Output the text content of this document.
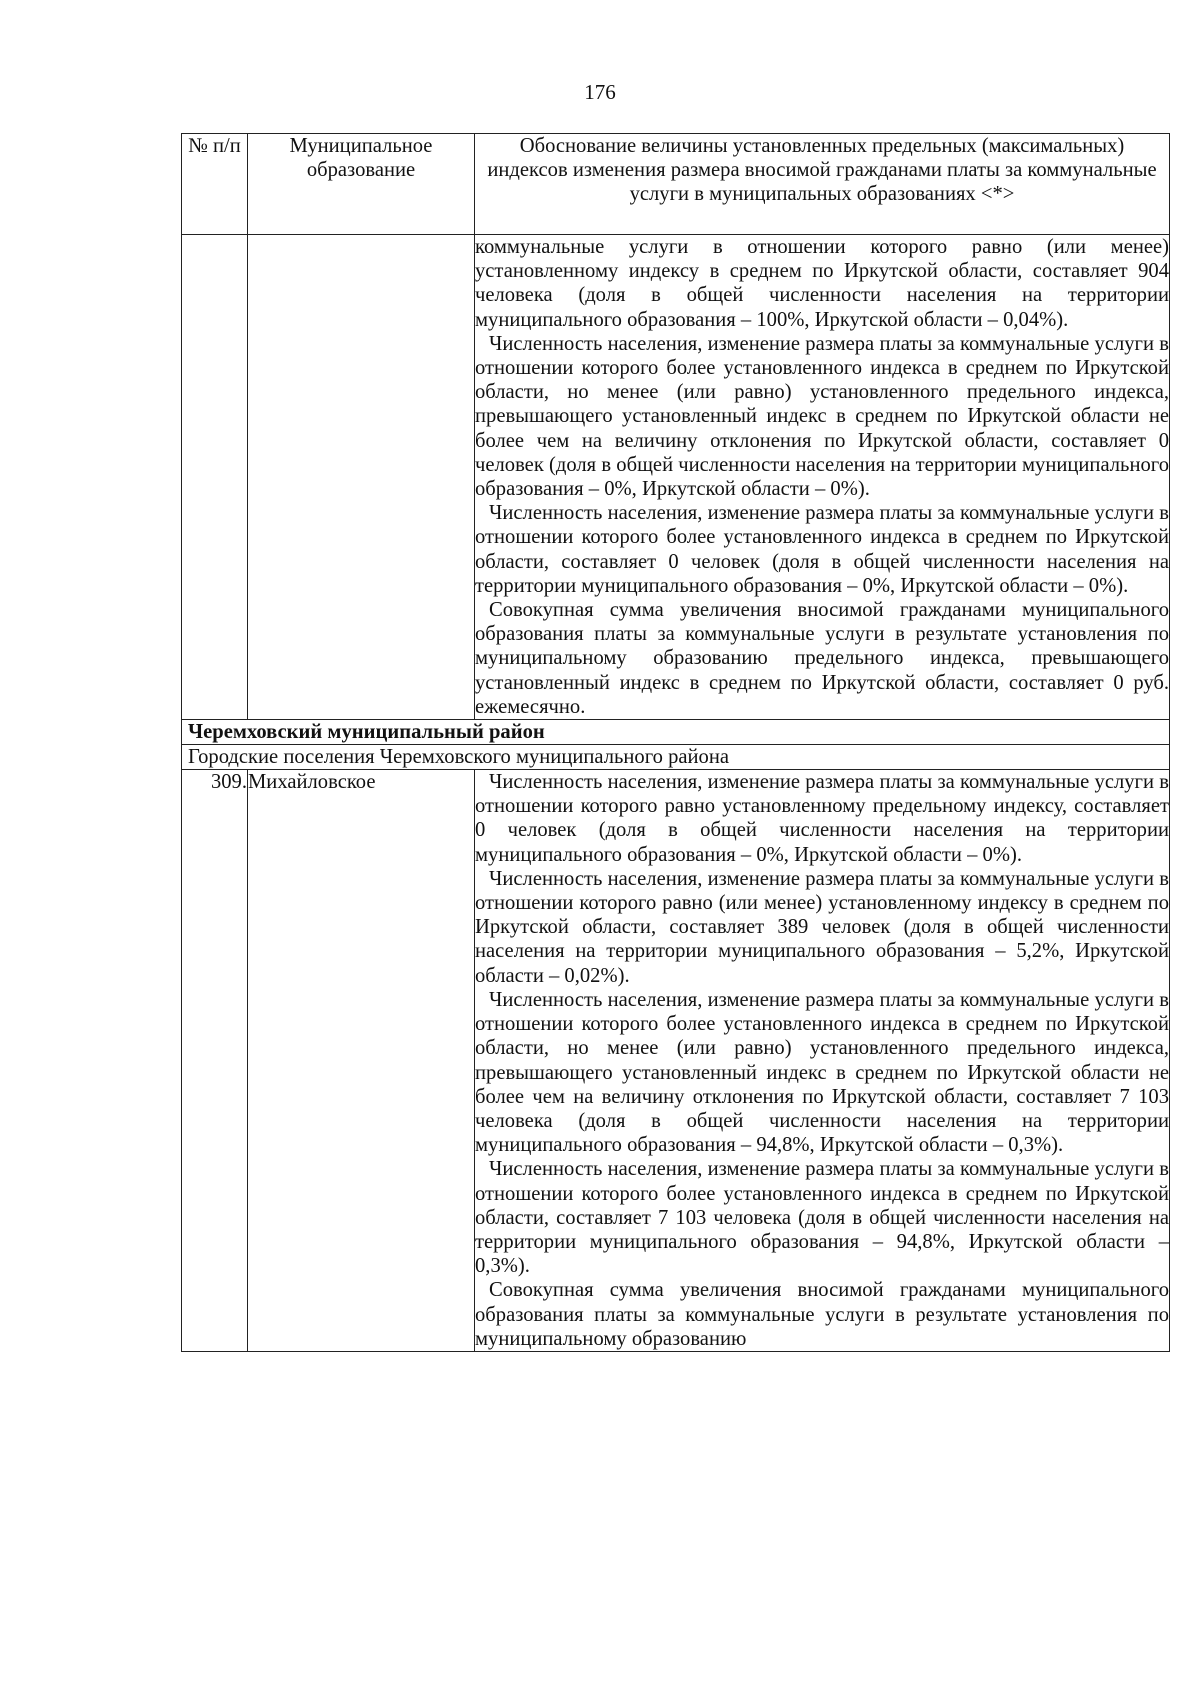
176
№ п/п	Муниципальное образование	Обоснование величины установленных предельных (максимальных) индексов изменения размера вносимой гражданами платы за коммунальные услуги в муниципальных образованиях <*>

		коммунальные услуги в отношении которого равно (или менее) установленному индексу в среднем по Иркутской области, составляет 904 человека (доля в общей численности населения на территории муниципального образования – 100%, Иркутской области – 0,04%).

Численность населения, изменение размера платы за коммунальные услуги в отношении которого более установленного индекса в среднем по Иркутской области, но менее (или равно) установленного предельного индекса, превышающего установленный индекс в среднем по Иркутской области не более чем на величину отклонения по Иркутской области, составляет 0 человек (доля в общей численности населения на территории муниципального образования – 0%, Иркутской области – 0%).

Численность населения, изменение размера платы за коммунальные услуги в отношении которого более установленного индекса в среднем по Иркутской области, составляет 0 человек (доля в общей численности населения на территории муниципального образования – 0%, Иркутской области – 0%).

Совокупная сумма увеличения вносимой гражданами муниципального образования платы за коммунальные услуги в результате установления по муниципальному образованию предельного индекса, превышающего установленный индекс в среднем по Иркутской области, составляет 0 руб. ежемесячно.

Черемховский муниципальный район		
Городские поселения Черемховского муниципального района		
309.	Михайловское	Численность населения, изменение размера платы за коммунальные услуги в отношении которого равно установленному предельному индексу, составляет 0 человек (доля в общей численности населения на территории муниципального образования – 0%, Иркутской области – 0%).

Численность населения, изменение размера платы за коммунальные услуги в отношении которого равно (или менее) установленному индексу в среднем по Иркутской области, составляет 389 человек (доля в общей численности населения на территории муниципального образования – 5,2%, Иркутской области – 0,02%).

Численность населения, изменение размера платы за коммунальные услуги в отношении которого более установленного индекса в среднем по Иркутской области, но менее (или равно) установленного предельного индекса, превышающего установленный индекс в среднем по Иркутской области не более чем на величину отклонения по Иркутской области, составляет 7 103 человека (доля в общей численности населения на территории муниципального образования – 94,8%, Иркутской области – 0,3%).

Численность населения, изменение размера платы за коммунальные услуги в отношении которого более установленного индекса в среднем по Иркутской области, составляет 7 103 человека (доля в общей численности населения на территории муниципального образования – 94,8%, Иркутской области – 0,3%).

Совокупная сумма увеличения вносимой гражданами муниципального образования платы за коммунальные услуги в результате установления по муниципальному образованию
